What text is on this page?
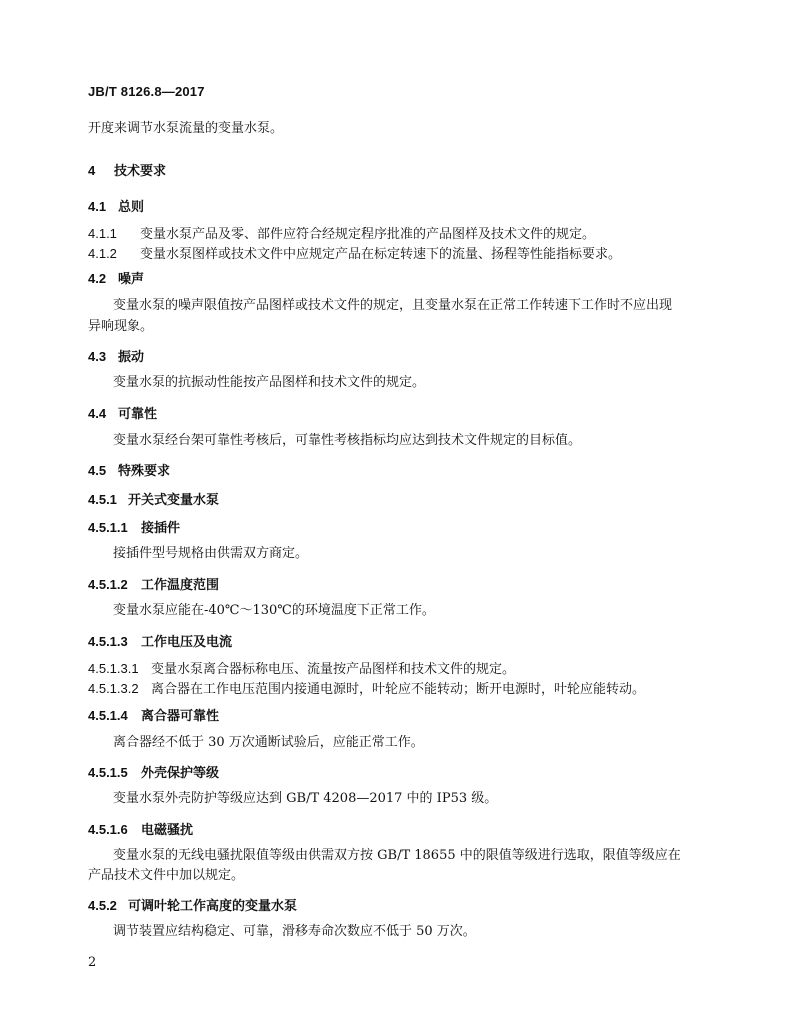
JB/T 8126.8—2017
开度来调节水泵流量的变量水泵。
4 技术要求
4.1 总则
4.1.1 变量水泵产品及零、部件应符合经规定程序批准的产品图样及技术文件的规定。
4.1.2 变量水泵图样或技术文件中应规定产品在标定转速下的流量、扬程等性能指标要求。
4.2 噪声
变量水泵的噪声限值按产品图样或技术文件的规定，且变量水泵在正常工作转速下工作时不应出现
异响现象。
4.3 振动
变量水泵的抗振动性能按产品图样和技术文件的规定。
4.4 可靠性
变量水泵经台架可靠性考核后，可靠性考核指标均应达到技术文件规定的目标值。
4.5 特殊要求
4.5.1 开关式变量水泵
4.5.1.1 接插件
接插件型号规格由供需双方商定。
4.5.1.2 工作温度范围
变量水泵应能在-40℃～130℃的环境温度下正常工作。
4.5.1.3 工作电压及电流
4.5.1.3.1 变量水泵离合器标称电压、流量按产品图样和技术文件的规定。
4.5.1.3.2 离合器在工作电压范围内接通电源时，叶轮应不能转动；断开电源时，叶轮应能转动。
4.5.1.4 离合器可靠性
离合器经不低于 30 万次通断试验后，应能正常工作。
4.5.1.5 外壳保护等级
变量水泵外壳防护等级应达到 GB/T 4208—2017 中的 IP53 级。
4.5.1.6 电磁骚扰
变量水泵的无线电骚扰限值等级由供需双方按 GB/T 18655 中的限值等级进行选取，限值等级应在
产品技术文件中加以规定。
4.5.2 可调叶轮工作高度的变量水泵
调节装置应结构稳定、可靠，滑移寿命次数应不低于 50 万次。
2
